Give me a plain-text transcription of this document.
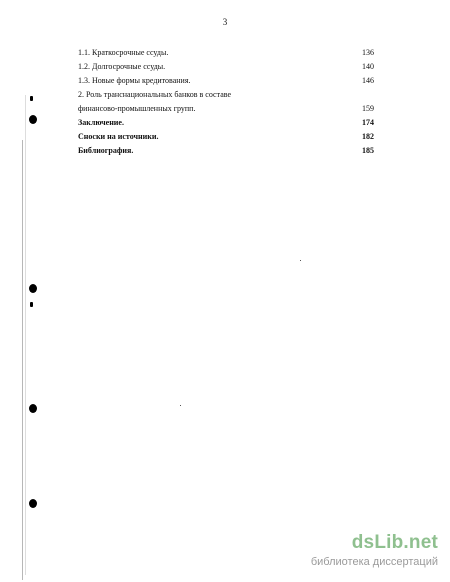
3
1.1. Краткосрочные ссуды.	136
1.2. Долгосрочные ссуды.	140
1.3. Новые формы кредитования.	146
2. Роль транснациональных банков в составе
финансово-промышленных групп.	159
Заключение.	174
Сноски на источники.	182
Библиография.	185
dsLib.net
библиотека диссертаций
